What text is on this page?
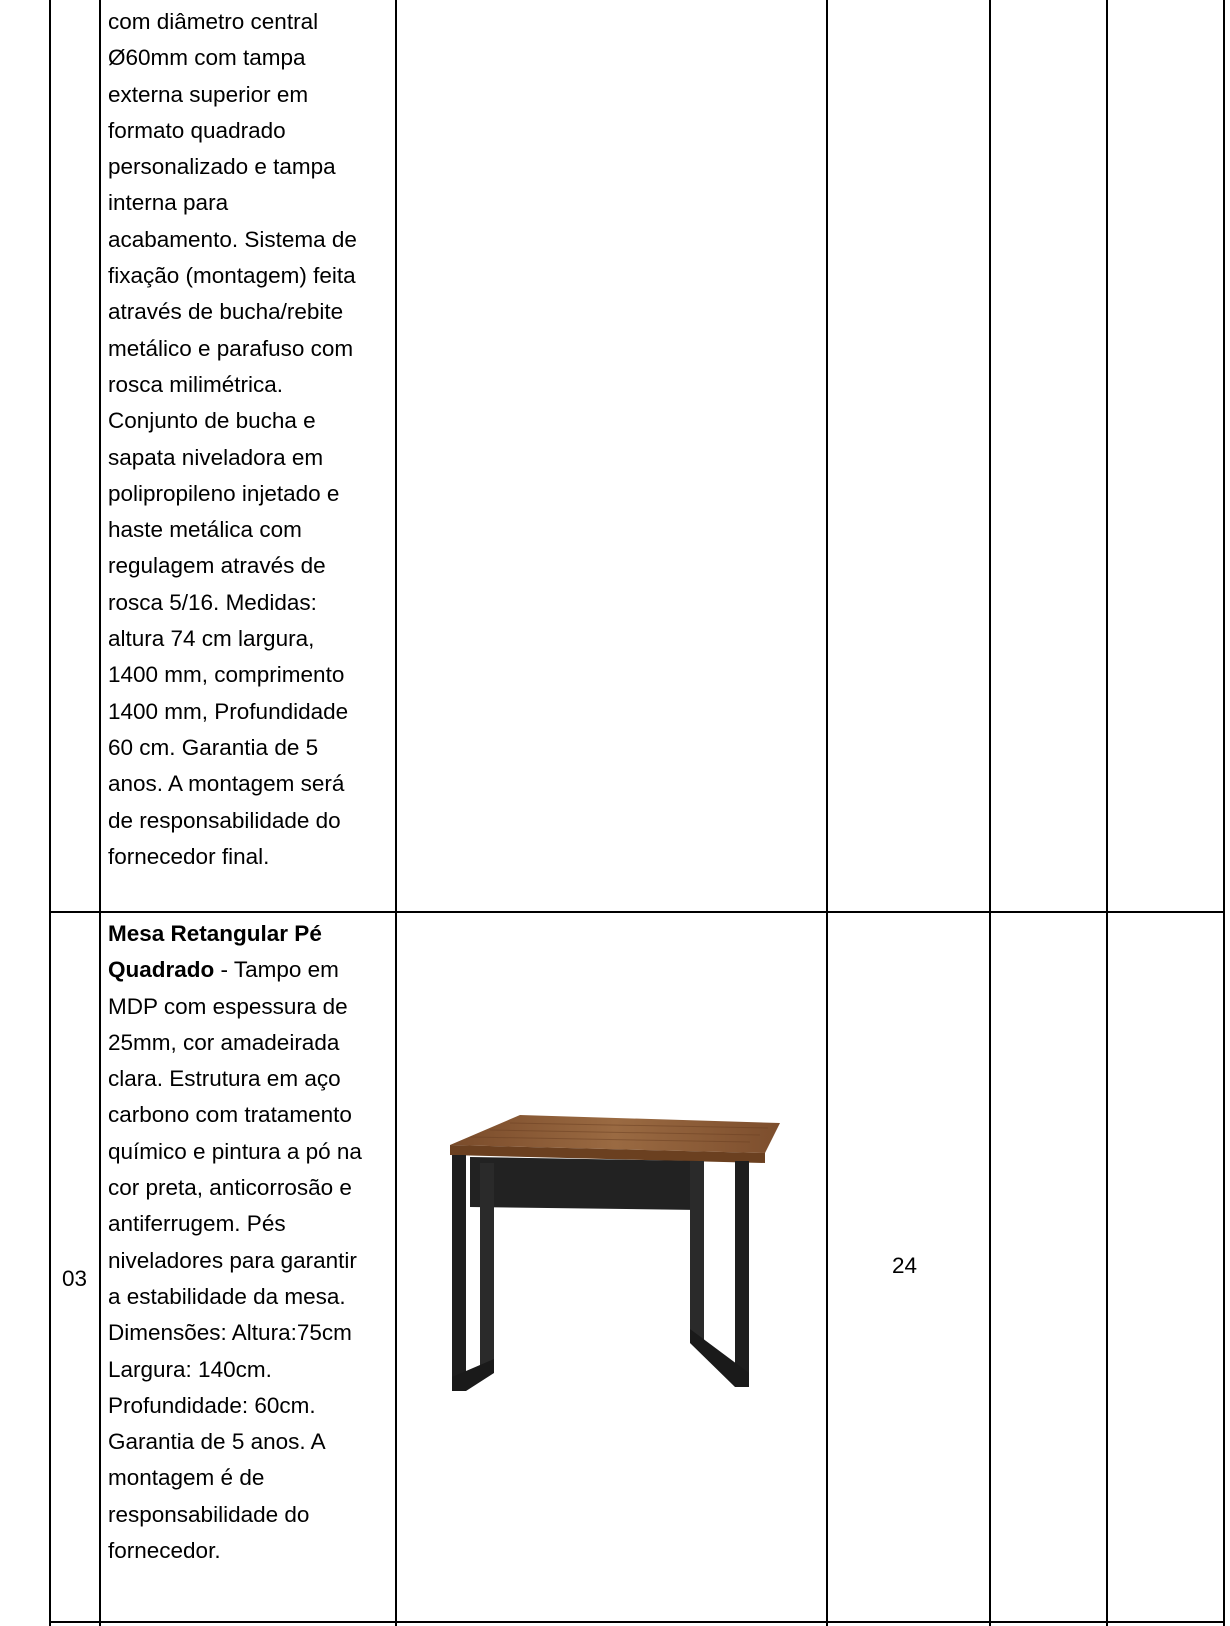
com diâmetro central
Ø60mm com tampa
externa superior em
formato quadrado
personalizado e tampa
interna para
acabamento. Sistema de
fixação (montagem) feita
através de bucha/rebite
metálico e parafuso com
rosca milimétrica.
Conjunto de bucha e
sapata niveladora em
polipropileno injetado e
haste metálica com
regulagem através de
rosca 5/16. Medidas:
altura 74 cm largura,
1400 mm, comprimento
1400 mm, Profundidade
60 cm. Garantia de 5
anos. A montagem será
de responsabilidade do
fornecedor final.
03
Mesa Retangular Pé
Quadrado - Tampo em
MDP com espessura de
25mm, cor amadeirada
clara. Estrutura em aço
carbono com tratamento
químico e pintura a pó na
cor preta, anticorrosão e
antiferrugem. Pés
niveladores para garantir
a estabilidade da mesa.
Dimensões: Altura:75cm
Largura: 140cm.
Profundidade: 60cm.
Garantia de 5 anos. A
montagem é de
responsabilidade do
fornecedor.
24
